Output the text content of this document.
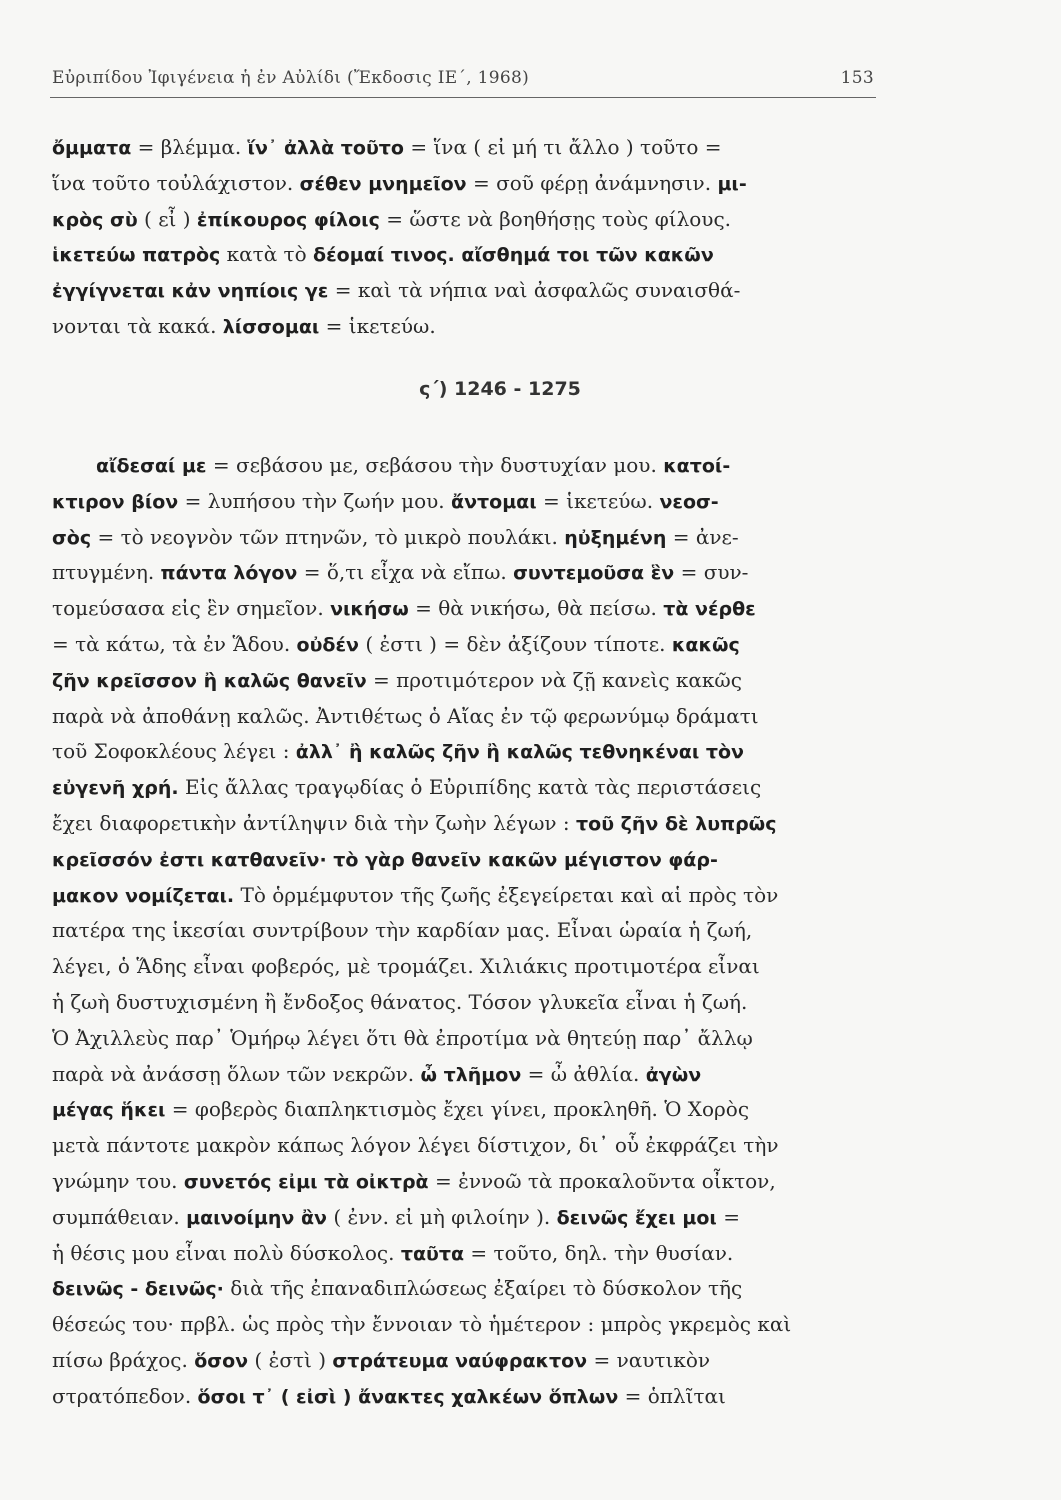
Εὐριπίδου Ἰφιγένεια ἡ ἐν Αὐλίδι (Ἔκδοσις ΙΕ΄, 1968)	153
ὄμματα = βλέμμα. ἵν᾽ ἀλλὰ τοῦτο = ἵνα ( εἰ μή τι ἄλλο ) τοῦτο =
ἵνα τοῦτο τοὐλάχιστον. σέθεν μνημεῖον = σοῦ φέρῃ ἀνάμνησιν. μι-
κρὸς σὺ ( εἶ ) ἐπίκουρος φίλοις = ὥστε νὰ βοηθήσῃς τοὺς φίλους.
ἱκετεύω πατρὸς κατὰ τὸ δέομαί τινος. αἴσθημά τοι τῶν κακῶν
ἐγγίγνεται κἀν νηπίοις γε = καὶ τὰ νήπια ναὶ ἀσφαλῶς συναισθά-
νονται τὰ κακά. λίσσομαι = ἱκετεύω.
ς΄) 1246 - 1275
αἴδεσαί με = σεβάσου με, σεβάσου τὴν δυστυχίαν μου. κατοί-
κτιρον βίον = λυπήσου τὴν ζωήν μου. ἄντομαι = ἱκετεύω. νεοσ-
σὸς = τὸ νεογνὸν τῶν πτηνῶν, τὸ μικρὸ πουλάκι. ηὐξημένη = ἀνε-
πτυγμένη. πάντα λόγον = ὅ,τι εἶχα νὰ εἴπω. συντεμοῦσα ἓν = συν-
τομεύσασα εἰς ἓν σημεῖον. νικήσω = θὰ νικήσω, θὰ πείσω. τὰ νέρθε
= τὰ κάτω, τὰ ἐν Ἅδου. οὐδέν ( ἐστι ) = δὲν ἀξίζουν τίποτε. κακῶς
ζῆν κρεῖσσον ἢ καλῶς θανεῖν = προτιμότερον νὰ ζῇ κανεὶς κακῶς
παρὰ νὰ ἀποθάνῃ καλῶς. Ἀντιθέτως ὁ Αἴας ἐν τῷ φερωνύμῳ δράματι
τοῦ Σοφοκλέους λέγει : ἀλλ᾽ ἢ καλῶς ζῆν ἢ καλῶς τεθνηκέναι τὸν
εὐγενῆ χρή. Εἰς ἄλλας τραγῳδίας ὁ Εὐριπίδης κατὰ τὰς περιστάσεις
ἔχει διαφορετικὴν ἀντίληψιν διὰ τὴν ζωὴν λέγων : τοῦ ζῆν δὲ λυπρῶς
κρεῖσσόν ἐστι κατθανεῖν· τὸ γὰρ θανεῖν κακῶν μέγιστον φάρ-
μακον νομίζεται. Τὸ ὁρμέμφυτον τῆς ζωῆς ἐξεγείρεται καὶ αἱ πρὸς τὸν
πατέρα της ἱκεσίαι συντρίβουν τὴν καρδίαν μας. Εἶναι ὡραία ἡ ζωή,
λέγει, ὁ Ἅδης εἶναι φοβερός, μὲ τρομάζει. Χιλιάκις προτιμοτέρα εἶναι
ἡ ζωὴ δυστυχισμένη ἢ ἔνδοξος θάνατος. Τόσον γλυκεῖα εἶναι ἡ ζωή.
Ὁ Ἀχιλλεὺς παρ᾽ Ὁμήρῳ λέγει ὅτι θὰ ἐπροτίμα νὰ θητεύῃ παρ᾽ ἄλλῳ
παρὰ νὰ ἀνάσσῃ ὅλων τῶν νεκρῶν. ὦ τλῆμον = ὦ ἀθλία. ἀγὼν
μέγας ἥκει = φοβερὸς διαπληκτισμὸς ἔχει γίνει, προκληθῆ. Ὁ Χορὸς
μετὰ πάντοτε μακρὸν κάπως λόγον λέγει δίστιχον, δι᾽ οὗ ἐκφράζει τὴν
γνώμην του. συνετός εἰμι τὰ οἰκτρὰ = ἐννοῶ τὰ προκαλοῦντα οἶκτον,
συμπάθειαν. μαινοίμην ἂν ( ἐνν. εἰ μὴ φιλοίην ). δεινῶς ἔχει μοι =
ἡ θέσις μου εἶναι πολὺ δύσκολος. ταῦτα = τοῦτο, δηλ. τὴν θυσίαν.
δεινῶς - δεινῶς· διὰ τῆς ἐπαναδιπλώσεως ἐξαίρει τὸ δύσκολον τῆς
θέσεώς του· πρβλ. ὡς πρὸς τὴν ἔννοιαν τὸ ἡμέτερον : μπρὸς γκρεμὸς καὶ
πίσω βράχος. ὅσον ( ἐστὶ ) στράτευμα ναύφρακτον = ναυτικὸν
στρατόπεδον. ὅσοι τ᾽ ( εἰσὶ ) ἄνακτες χαλκέων ὅπλων = ὁπλῖται
